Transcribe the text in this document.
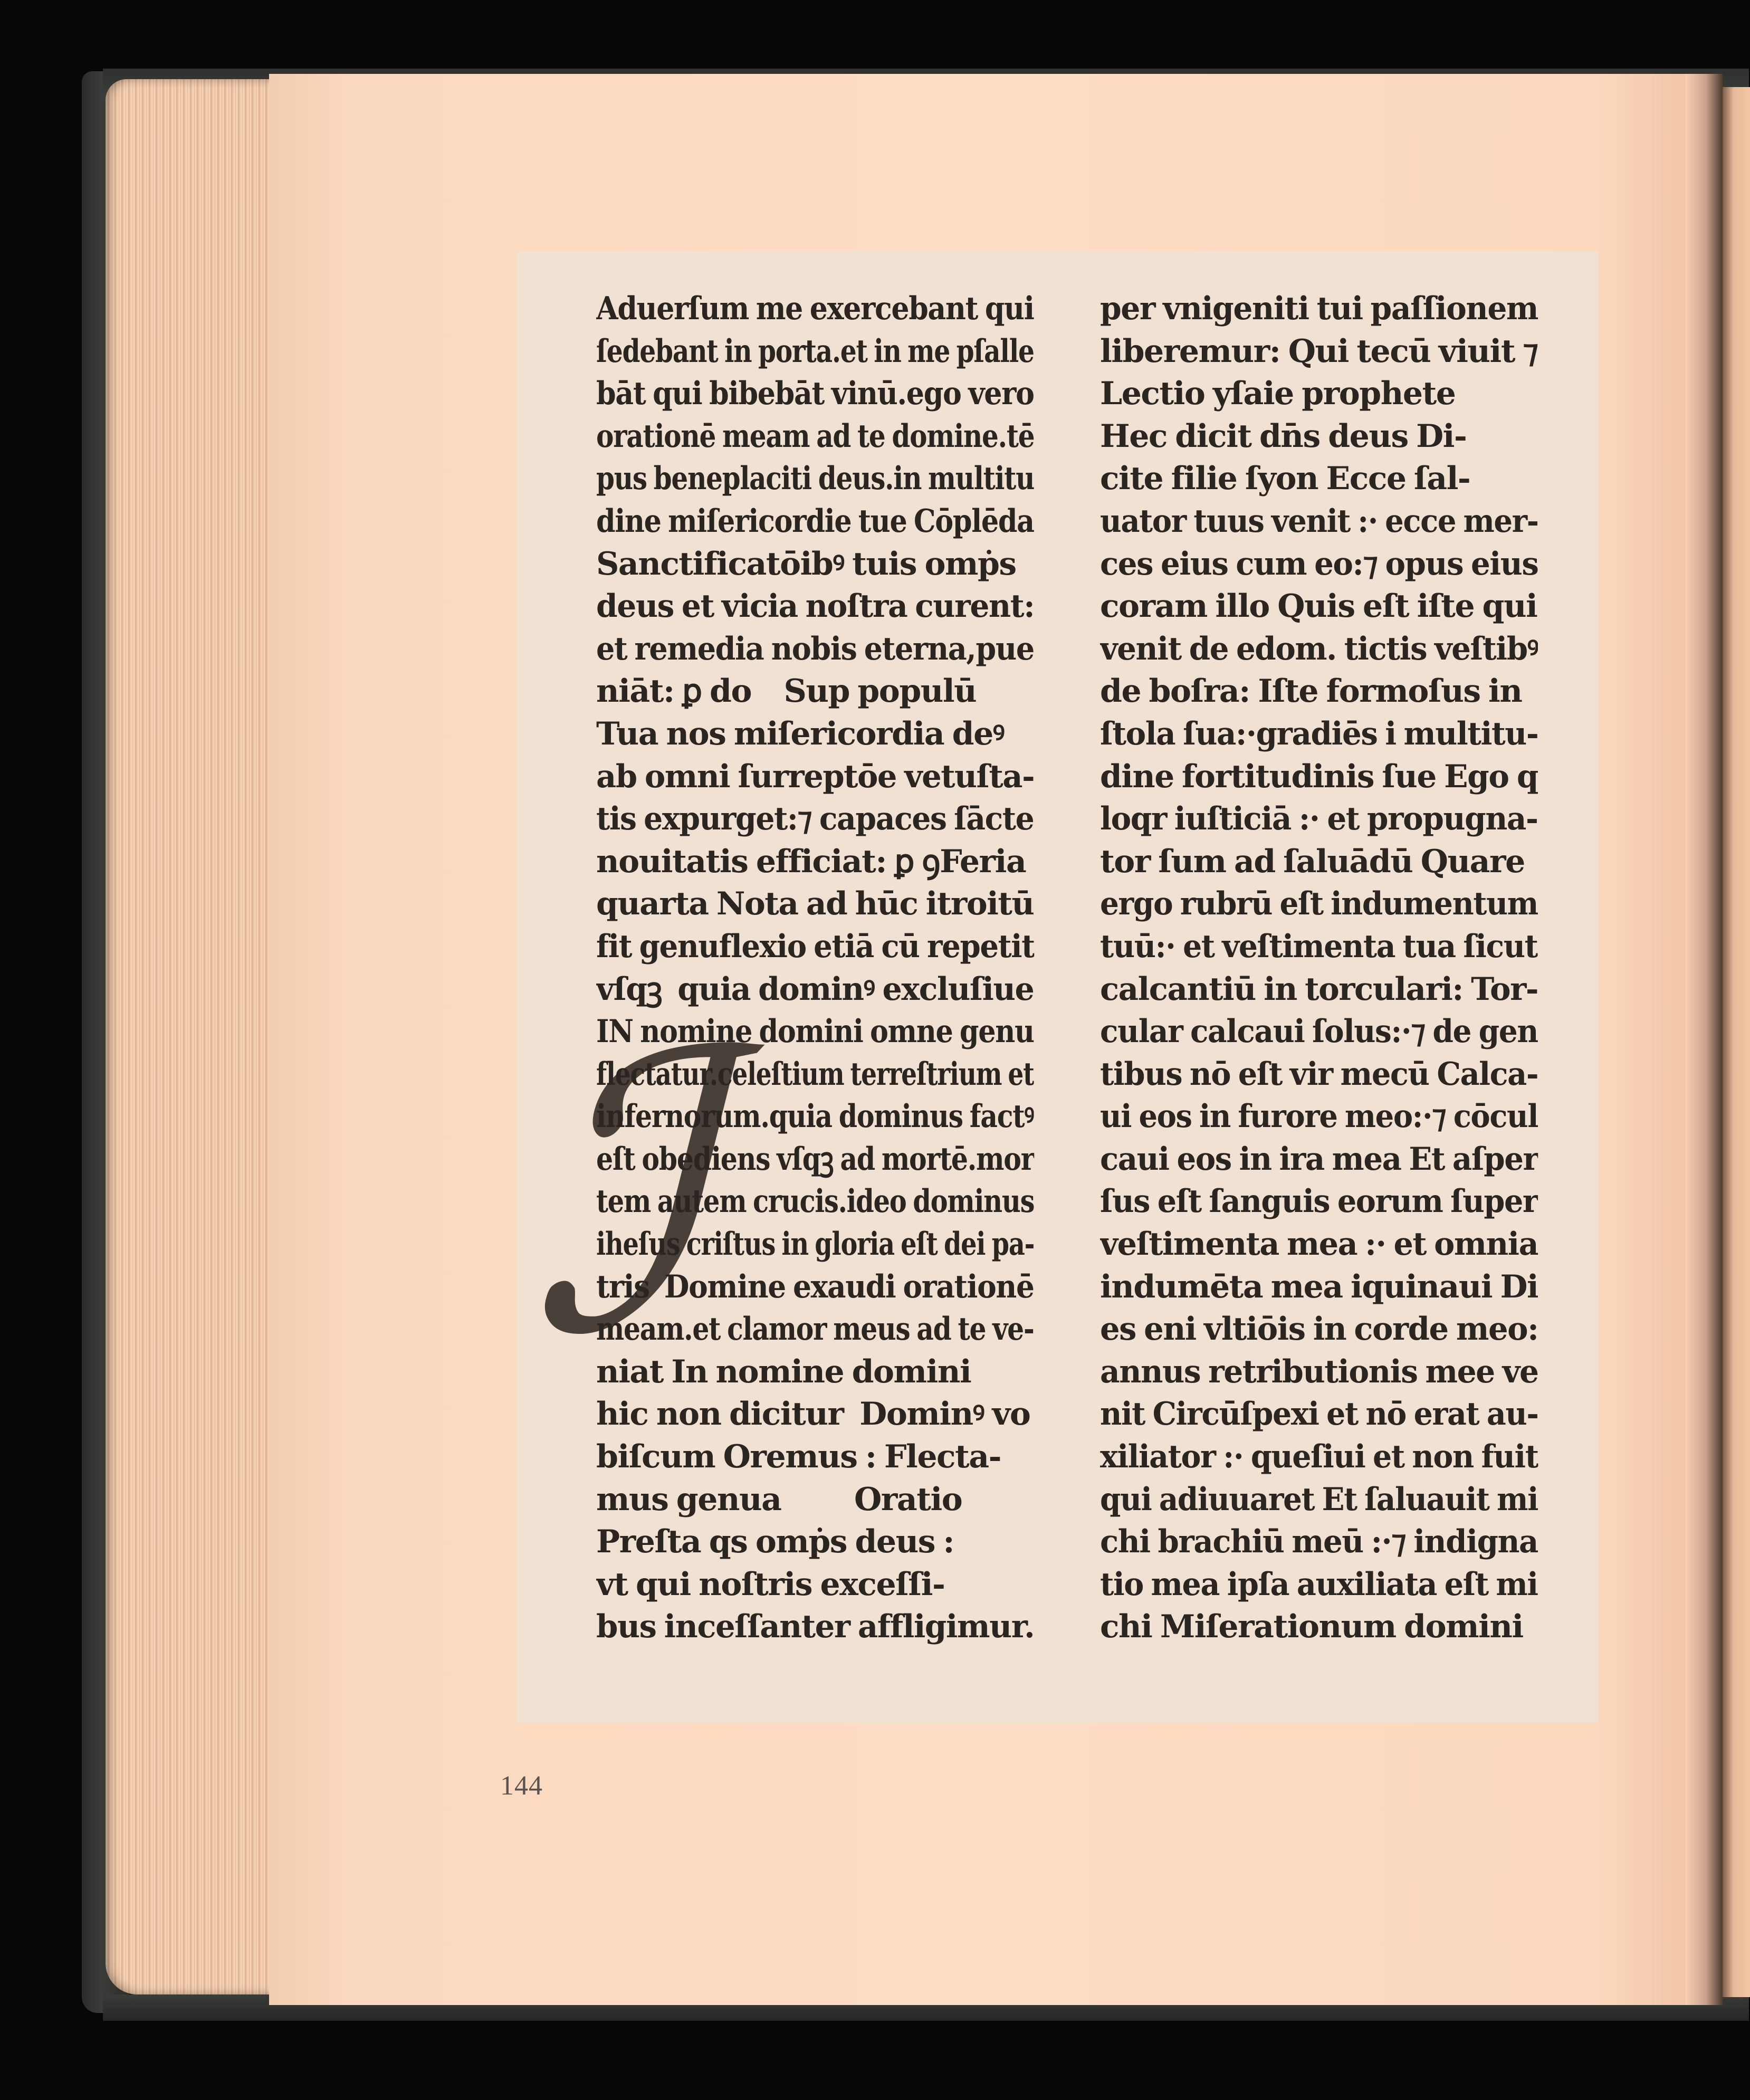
ℐ
Aduerſum me exercebant qui
ſedebant in porta.et in me pſalle
bāt qui bibebāt vinū.ego vero
orationē meam ad te domine.tē
pus beneplaciti deus.in multitu
dine miſericordie tue Cōplēda
Sanctificatōibꝰ tuis omṗs
deus et vicia noſtra curent:
et remedia nobis eterna,pue
niāt: ꝑ do    Sup populū
Tua nos miſericordia deꝰ
ab omni ſurreptōe vetuſta-
tis expurget:⁊ capaces ſācte
nouitatis efficiat: ꝑ ꝯFeria
quarta Nota ad hūc itroitū
fit genuflexio etiā cū repetit
vſqꝫ  quia dominꝰ excluſiue
IN nomine domini omne genu
flectatur.celeſtium terreſtrium et
infernorum.quia dominus factꝰ
eſt obediens vſqꝫ ad mortē.mor
tem autem crucis.ideo dominus
iheſus criſtus in gloria eſt dei pa-
tris  Domine exaudi orationē
meam.et clamor meus ad te ve-
niat In nomine domini
hic non dicitur  Dominꝰ vo
biſcum Oremus : Flecta-
mus genua         Oratio
Preſta qs omṗs deus :
vt qui noſtris exceſſi-
bus inceſſanter affligimur.
per vnigeniti tui paſſionem
liberemur: Qui tecū viuit ⁊
Lectio yſaie prophete
Hec dicit dn̄s deus Di-
cite filie ſyon Ecce ſal-
uator tuus venit :· ecce mer-
ces eius cum eo:⁊ opus eius
coram illo Quis eſt iſte qui
venit de edom. tictis veſtibꝰ
de boſra: Iſte formoſus in
ſtola ſua:·gradiēs i multitu-
dine fortitudinis ſue Ego q
loqr iuſticiā :· et propugna-
tor ſum ad ſaluādū Quare
ergo rubrū eſt indumentum
tuū:· et veſtimenta tua ſicut
calcantiū in torculari: Tor-
cular calcaui ſolus:·⁊ de gen
tibus nō eſt vir mecū Calca-
ui eos in furore meo:·⁊ cōcul
caui eos in ira mea Et aſper
ſus eſt ſanguis eorum ſuper
veſtimenta mea :· et omnia
indumēta mea iquinaui Di
es eni vltiōis in corde meo:
annus retributionis mee ve
nit Circūſpexi et nō erat au-
xiliator :· queſiui et non fuit
qui adiuuaret Et ſaluauit mi
chi brachiū meū :·⁊ indigna
tio mea ipſa auxiliata eſt mi
chi Miſerationum domini
144
